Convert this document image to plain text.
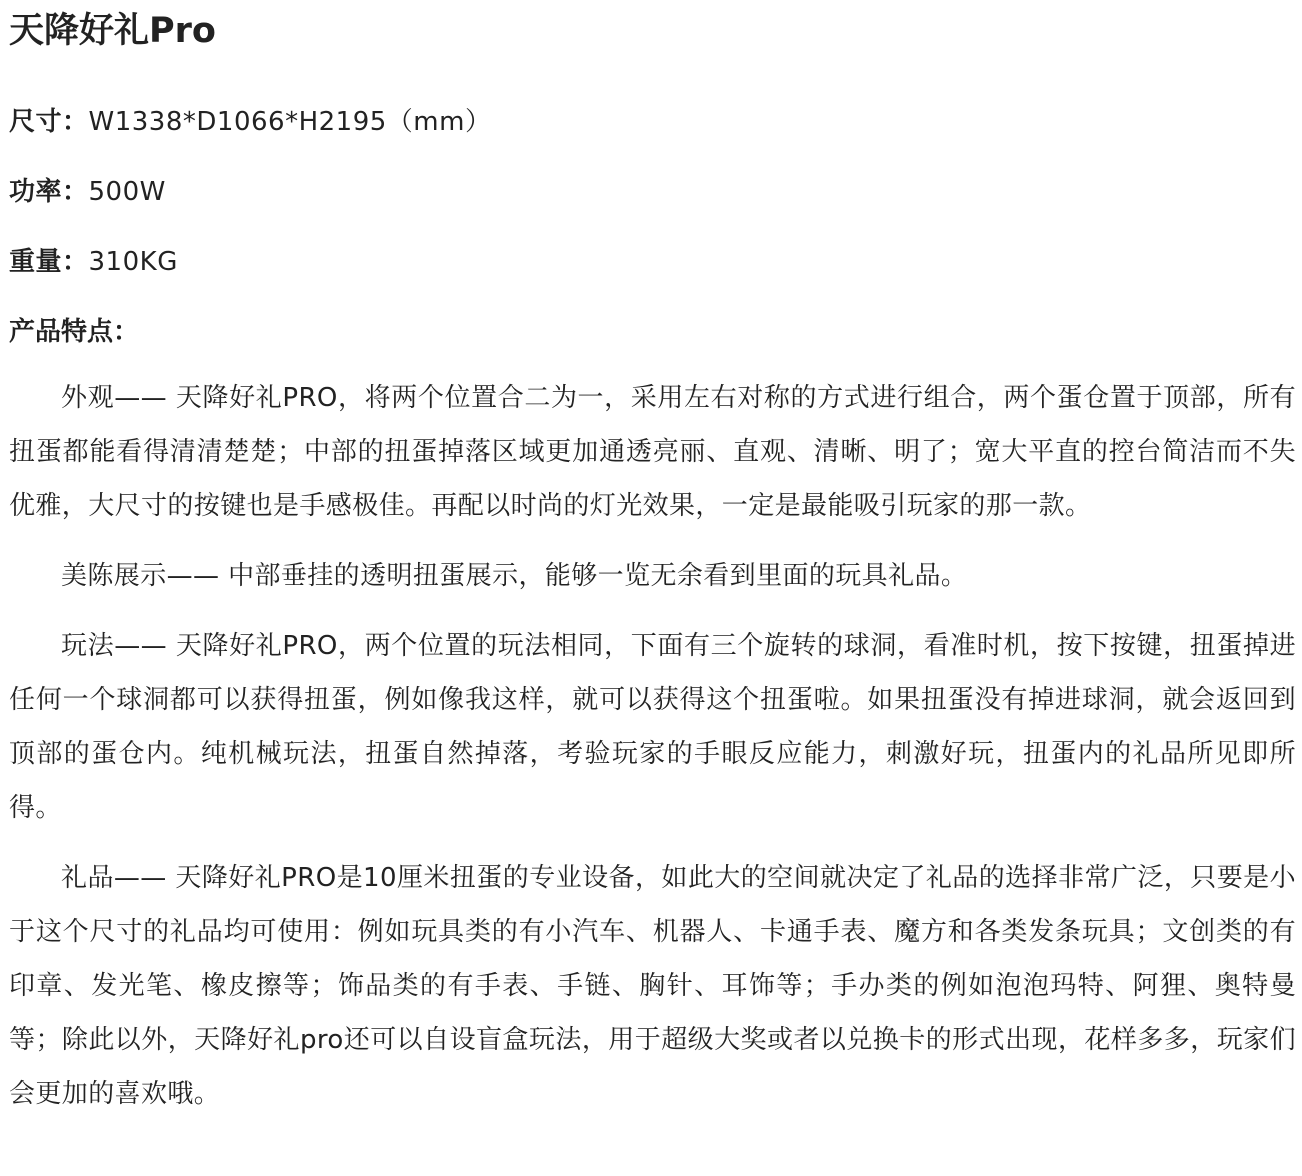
天降好礼Pro

尺寸：W1338*D1066*H2195（mm）

功率：500W

重量：310KG

产品特点：

外观—— 天降好礼PRO，将两个位置合二为一，采用左右对称的方式进行组合，两个蛋仓置于顶部，所有扭蛋都能看得清清楚楚；中部的扭蛋掉落区域更加通透亮丽、直观、清晰、明了；宽大平直的控台简洁而不失优雅，大尺寸的按键也是手感极佳。再配以时尚的灯光效果，一定是最能吸引玩家的那一款。

美陈展示—— 中部垂挂的透明扭蛋展示，能够一览无余看到里面的玩具礼品。

玩法—— 天降好礼PRO，两个位置的玩法相同，下面有三个旋转的球洞，看准时机，按下按键，扭蛋掉进任何一个球洞都可以获得扭蛋，例如像我这样，就可以获得这个扭蛋啦。如果扭蛋没有掉进球洞，就会返回到顶部的蛋仓内。纯机械玩法，扭蛋自然掉落，考验玩家的手眼反应能力，刺激好玩，扭蛋内的礼品所见即所得。

礼品—— 天降好礼PRO是10厘米扭蛋的专业设备，如此大的空间就决定了礼品的选择非常广泛，只要是小于这个尺寸的礼品均可使用：例如玩具类的有小汽车、机器人、卡通手表、魔方和各类发条玩具；文创类的有印章、发光笔、橡皮擦等；饰品类的有手表、手链、胸针、耳饰等；手办类的例如泡泡玛特、阿狸、奥特曼等；除此以外，天降好礼pro还可以自设盲盒玩法，用于超级大奖或者以兑换卡的形式出现，花样多多，玩家们会更加的喜欢哦。
